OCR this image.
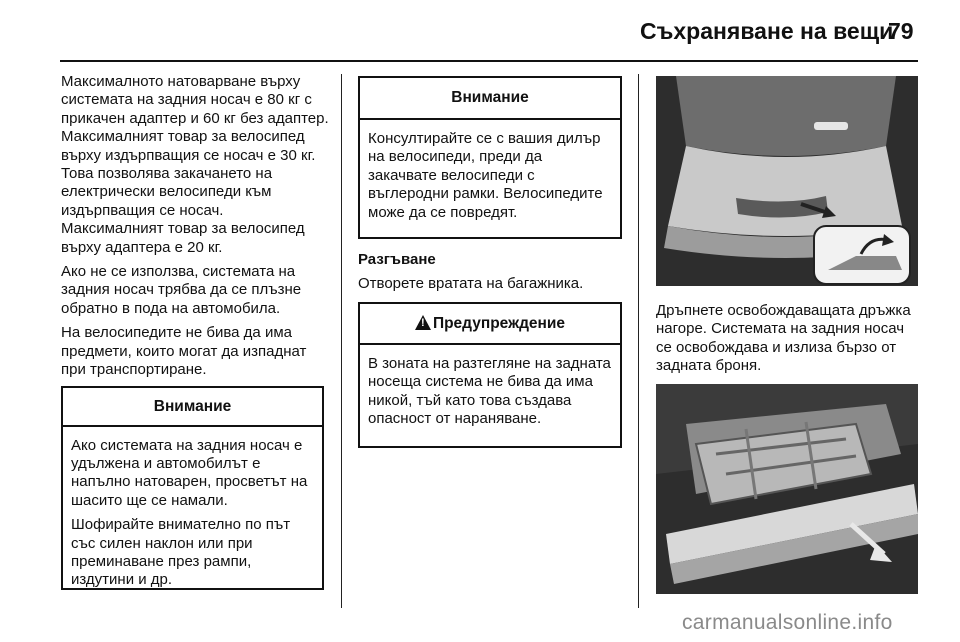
Съхраняване на вещи
79

Максималното натоварване върху системата на задния носач е 80 кг с прикачен адаптер и 60 кг без адаптер. Максималният товар за велосипед върху издърпващия се носач е 30 кг. Това позволява закачането на електрически велосипеди към издърпващия се носач. Максималният товар за велосипед върху адаптера е 20 кг.

Ако не се използва, системата на задния носач трябва да се плъзне обратно в пода на автомобила.

На велосипедите не бива да има предмети, които могат да изпаднат при транспортиране.

Внимание

Ако системата на задния носач е удължена и автомобилът е напълно натоварен, просветът на шасито ще се намали.

Шофирайте внимателно по път със силен наклон или при преминаване през рампи, издутини и др.

Внимание

Консултирайте се с вашия дилър на велосипеди, преди да закачвате велосипеди с въглеродни рамки. Велосипедите може да се повредят.

Разгъване

Отворете вратата на багажника.

!Предупреждение

В зоната на разтегляне на задната носеща система не бива да има никой, тъй като това създава опасност от нараняване.

Дръпнете освобождаващата дръжка нагоре. Системата на задния носач се освобождава и излиза бързо от задната броня.

carmanualsonline.info
